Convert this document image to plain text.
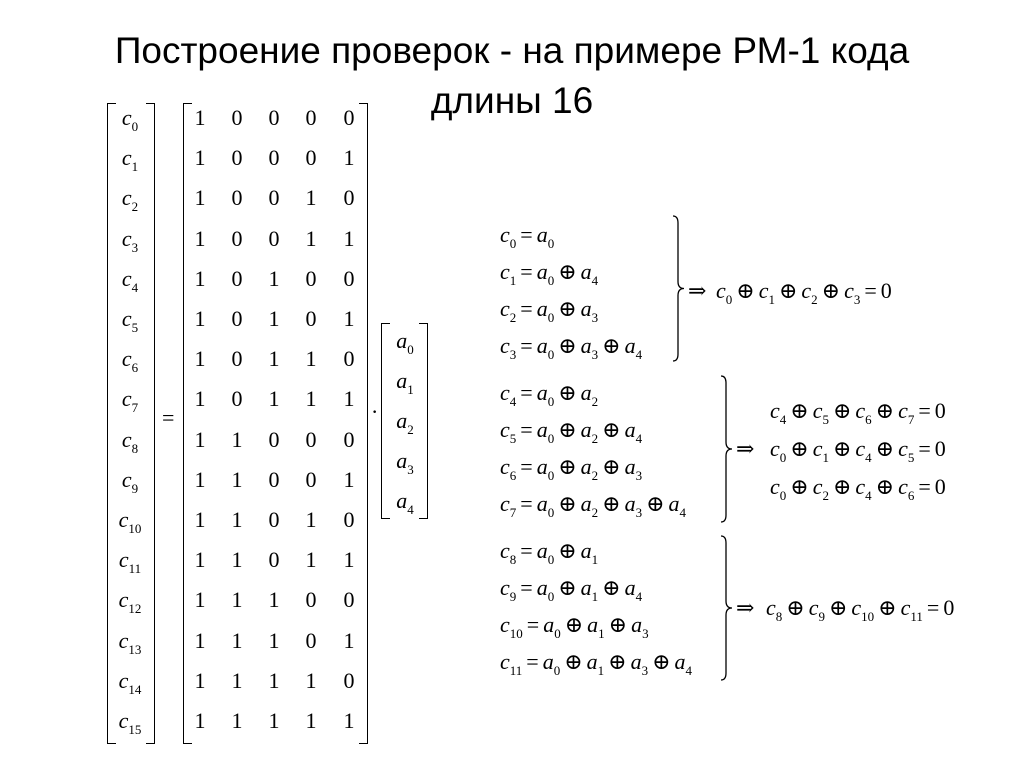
Построение проверок - на примере РМ-1 кода
длины 16
$c_0$
$c_1$
$c_2$
$c_3$
$c_4$
$c_5$
$c_6$
$c_7$
$c_8$
$c_9$
$c_{10}$
$c_{11}$
$c_{12}$
$c_{13}$
$c_{14}$
$c_{15}$
=
1 0 0 0 0
1 0 0 0 1
1 0 0 1 0
1 0 0 1 1
1 0 1 0 0
1 0 1 0 1
1 0 1 1 0
1 0 1 1 1
1 1 0 0 0
1 1 0 0 1
1 1 0 1 0
1 1 0 1 1
1 1 1 0 0
1 1 1 0 1
1 1 1 1 0
1 1 1 1 1
·
$a_0$
$a_1$
$a_2$
$a_3$
$a_4$
$c_0 = a_0$
$c_1 = a_0$ ⊕ $a_4$
$c_2 = a_0$ ⊕ $a_3$
$c_3 = a_0$ ⊕ $a_3$ ⊕ $a_4$
⇒ $c_0$ ⊕ $c_1$ ⊕ $c_2$ ⊕ $c_3 = 0$
$c_4 = a_0$ ⊕ $a_2$
$c_5 = a_0$ ⊕ $a_2$ ⊕ $a_4$
$c_6 = a_0$ ⊕ $a_2$ ⊕ $a_3$
$c_7 = a_0$ ⊕ $a_2$ ⊕ $a_3$ ⊕ $a_4$
⇒
$c_4$ ⊕ $c_5$ ⊕ $c_6$ ⊕ $c_7 = 0$
$c_0$ ⊕ $c_1$ ⊕ $c_4$ ⊕ $c_5 = 0$
$c_0$ ⊕ $c_2$ ⊕ $c_4$ ⊕ $c_6 = 0$
$c_8 = a_0$ ⊕ $a_1$
$c_9 = a_0$ ⊕ $a_1$ ⊕ $a_4$
$c_{10} = a_0$ ⊕ $a_1$ ⊕ $a_3$
$c_{11} = a_0$ ⊕ $a_1$ ⊕ $a_3$ ⊕ $a_4$
⇒ $c_8$ ⊕ $c_9$ ⊕ $c_{10}$ ⊕ $c_{11} = 0$
